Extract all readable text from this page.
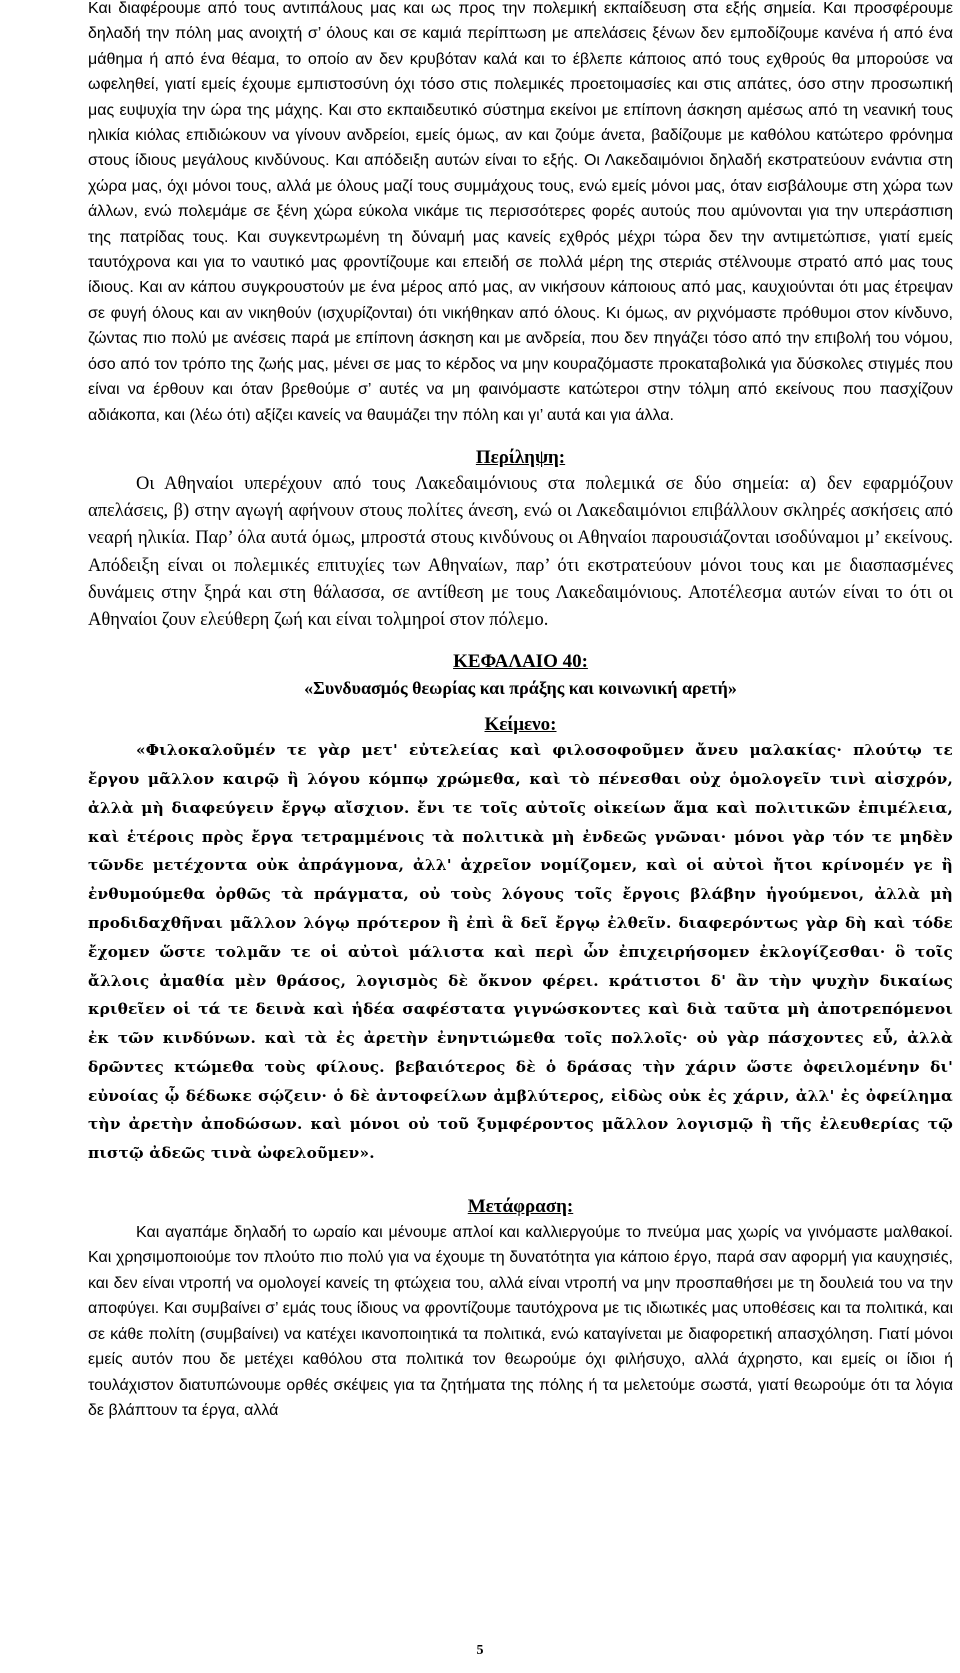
Και διαφέρουμε από τους αντιπάλους μας και ως προς την πολεμική εκπαίδευση στα εξής σημεία. Και προσφέρουμε δηλαδή την πόλη μας ανοιχτή σ’ όλους και σε καμιά περίπτωση με απελάσεις ξένων δεν εμποδίζουμε κανένα ή από ένα μάθημα ή από ένα θέαμα, το οποίο αν δεν κρυβόταν καλά και το έβλεπε κάποιος από τους εχθρούς θα μπορούσε να ωφεληθεί, γιατί εμείς έχουμε εμπιστοσύνη όχι τόσο στις πολεμικές προετοιμασίες και στις απάτες, όσο στην προσωπική μας ευψυχία την ώρα της μάχης. Και στο εκπαιδευτικό σύστημα εκείνοι με επίπονη άσκηση αμέσως από τη νεανική τους ηλικία κιόλας επιδιώκουν να γίνουν ανδρείοι, εμείς όμως, αν και ζούμε άνετα, βαδίζουμε με καθόλου κατώτερο φρόνημα στους ίδιους μεγάλους κινδύνους. Και απόδειξη αυτών είναι το εξής. Οι Λακεδαιμόνιοι δηλαδή εκστρατεύουν ενάντια στη χώρα μας, όχι μόνοι τους, αλλά με όλους μαζί τους συμμάχους τους, ενώ εμείς μόνοι μας, όταν εισβάλουμε στη χώρα των άλλων, ενώ πολεμάμε σε ξένη χώρα εύκολα νικάμε τις περισσότερες φορές αυτούς που αμύνονται για την υπεράσπιση της πατρίδας τους. Και συγκεντρωμένη τη δύναμή μας κανείς εχθρός μέχρι τώρα δεν την αντιμετώπισε, γιατί εμείς ταυτόχρονα και για το ναυτικό μας φροντίζουμε και επειδή σε πολλά μέρη της στεριάς στέλνουμε στρατό από μας τους ίδιους. Και αν κάπου συγκρουστούν με ένα μέρος από μας, αν νικήσουν κάποιους από μας, καυχιούνται ότι μας έτρεψαν σε φυγή όλους και αν νικηθούν (ισχυρίζονται) ότι νικήθηκαν από όλους. Κι όμως, αν ριχνόμαστε πρόθυμοι στον κίνδυνο, ζώντας πιο πολύ με ανέσεις παρά με επίπονη άσκηση και με ανδρεία, που δεν πηγάζει τόσο από την επιβολή του νόμου, όσο από τον τρόπο της ζωής μας, μένει σε μας το κέρδος να μην κουραζόμαστε προκαταβολικά για δύσκολες στιγμές που είναι να έρθουν και όταν βρεθούμε σ’ αυτές να μη φαινόμαστε κατώτεροι στην τόλμη από εκείνους που πασχίζουν αδιάκοπα, και (λέω ότι) αξίζει κανείς να θαυμάζει την πόλη και γι’ αυτά και για άλλα.

Περίληψη:

Οι Αθηναίοι υπερέχουν από τους Λακεδαιμόνιους στα πολεμικά σε δύο σημεία: α) δεν εφαρμόζουν απελάσεις, β) στην αγωγή αφήνουν στους πολίτες άνεση, ενώ οι Λακεδαιμόνιοι επιβάλλουν σκληρές ασκήσεις από νεαρή ηλικία. Παρ’ όλα αυτά όμως, μπροστά στους κινδύνους οι Αθηναίοι παρουσιάζονται ισοδύναμοι μ’ εκείνους. Απόδειξη είναι οι πολεμικές επιτυχίες των Αθηναίων, παρ’ ότι εκστρατεύουν μόνοι τους και με διασπασμένες δυνάμεις στην ξηρά και στη θάλασσα, σε αντίθεση με τους Λακεδαιμόνιους. Αποτέλεσμα αυτών είναι το ότι οι Αθηναίοι ζουν ελεύθερη ζωή και είναι τολμηροί στον πόλεμο.

ΚΕΦΑΛΑΙΟ 40:

«Συνδυασμός θεωρίας και πράξης και κοινωνική αρετή»

Κείμενο:

«Φιλοκαλοῦμέν τε γὰρ μετ' εὐτελείας καὶ φιλοσοφοῦμεν ἄνευ μαλακίας· πλούτῳ τε ἔργου μᾶλλον καιρῷ ἢ λόγου κόμπῳ χρώμεθα, καὶ τὸ πένεσθαι οὐχ ὁμολογεῖν τινὶ αἰσχρόν, ἀλλὰ μὴ διαφεύγειν ἔργῳ αἴσχιον. ἔνι τε τοῖς αὐτοῖς οἰκείων ἅμα καὶ πολιτικῶν ἐπιμέλεια, καὶ ἑτέροις πρὸς ἔργα τετραμμένοις τὰ πολιτικὰ μὴ ἐνδεῶς γνῶναι· μόνοι γὰρ τόν τε μηδὲν τῶνδε μετέχοντα οὐκ ἀπράγμονα, ἀλλ' ἀχρεῖον νομίζομεν, καὶ οἱ αὐτοὶ ἤτοι κρίνομέν γε ἢ ἐνθυμούμεθα ὀρθῶς τὰ πράγματα, οὐ τοὺς λόγους τοῖς ἔργοις βλάβην ἡγούμενοι, ἀλλὰ μὴ προδιδαχθῆναι μᾶλλον λόγῳ πρότερον ἢ ἐπὶ ἃ δεῖ ἔργῳ ἐλθεῖν. διαφερόντως γὰρ δὴ καὶ τόδε ἔχομεν ὥστε τολμᾶν τε οἱ αὐτοὶ μάλιστα καὶ περὶ ὧν ἐπιχειρήσομεν ἐκλογίζεσθαι· ὃ τοῖς ἄλλοις ἀμαθία μὲν θράσος, λογισμὸς δὲ ὄκνον φέρει. κράτιστοι δ' ἂν τὴν ψυχὴν δικαίως κριθεῖεν οἱ τά τε δεινὰ καὶ ἡδέα σαφέστατα γιγνώσκοντες καὶ διὰ ταῦτα μὴ ἀποτρεπόμενοι ἐκ τῶν κινδύνων. καὶ τὰ ἐς ἀρετὴν ἐνηντιώμεθα τοῖς πολλοῖς· οὐ γὰρ πάσχοντες εὖ, ἀλλὰ δρῶντες κτώμεθα τοὺς φίλους. βεβαιότερος δὲ ὁ δράσας τὴν χάριν ὥστε ὀφειλομένην δι' εὐνοίας ᾧ δέδωκε σῴζειν· ὁ δὲ ἀντοφείλων ἀμβλύτερος, εἰδὼς οὐκ ἐς χάριν, ἀλλ' ἐς ὀφείλημα τὴν ἀρετὴν ἀποδώσων. καὶ μόνοι οὐ τοῦ ξυμφέροντος μᾶλλον λογισμῷ ἢ τῆς ἐλευθερίας τῷ πιστῷ ἀδεῶς τινὰ ὠφελοῦμεν».

Μετάφραση:

Και αγαπάμε δηλαδή το ωραίο και μένουμε απλοί και καλλιεργούμε το πνεύμα μας χωρίς να γινόμαστε μαλθακοί. Και χρησιμοποιούμε τον πλούτο πιο πολύ για να έχουμε τη δυνατότητα για κάποιο έργο, παρά σαν αφορμή για καυχησιές, και δεν είναι ντροπή να ομολογεί κανείς τη φτώχεια του, αλλά είναι ντροπή να μην προσπαθήσει με τη δουλειά του να την αποφύγει. Και συμβαίνει σ’ εμάς τους ίδιους να φροντίζουμε ταυτόχρονα με τις ιδιωτικές μας υποθέσεις και τα πολιτικά, και σε κάθε πολίτη (συμβαίνει) να κατέχει ικανοποιητικά τα πολιτικά, ενώ καταγίνεται με διαφορετική απασχόληση. Γιατί μόνοι εμείς αυτόν που δε μετέχει καθόλου στα πολιτικά τον θεωρούμε όχι φιλήσυχο, αλλά άχρηστο, και εμείς οι ίδιοι ή τουλάχιστον διατυπώνουμε ορθές σκέψεις για τα ζητήματα της πόλης ή τα μελετούμε σωστά, γιατί θεωρούμε ότι τα λόγια δε βλάπτουν τα έργα, αλλά

5
